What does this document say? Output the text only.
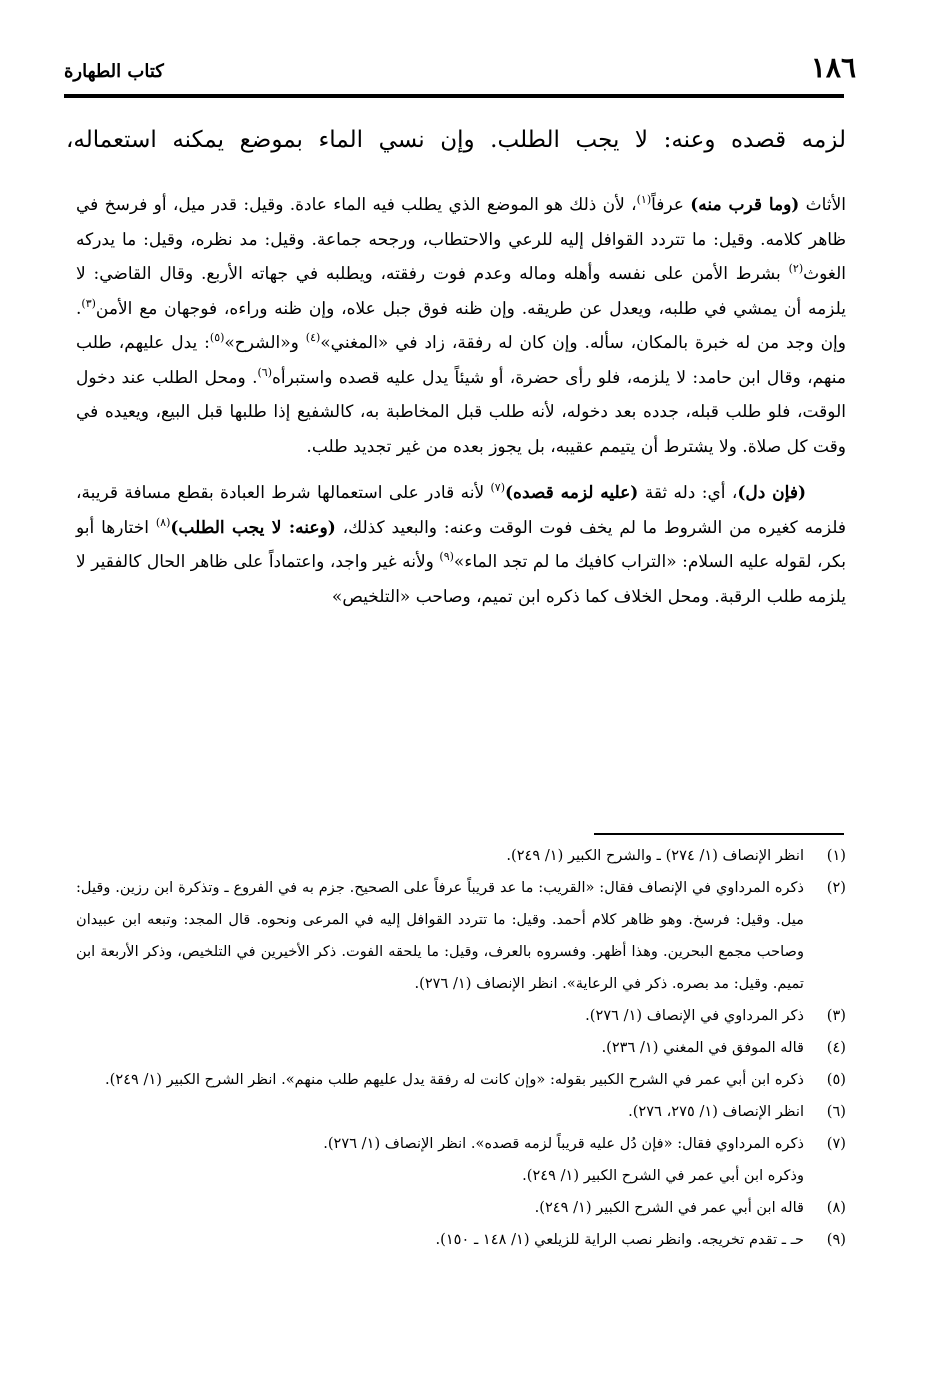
١٨٦
كتاب الطهارة
لزمه قصده وعنه: لا يجب الطلب. وإن نسي الماء بموضع يمكنه استعماله،

الأثاث (وما قرب منه) عرفاً$^{(١)}$، لأن ذلك هو الموضع الذي يطلب فيه الماء عادة. وقيل: قدر ميل، أو فرسخ في ظاهر كلامه. وقيل: ما تتردد القوافل إليه للرعي والاحتطاب، ورجحه جماعة. وقيل: مد نظره، وقيل: ما يدركه الغوث$^{(٢)}$ بشرط الأمن على نفسه وأهله وماله وعدم فوت رفقته، ويطلبه في جهاته الأربع. وقال القاضي: لا يلزمه أن يمشي في طلبه، ويعدل عن طريقه. وإن ظنه فوق جبل علاه، وإن ظنه وراءه، فوجهان مع الأمن$^{(٣)}$. وإن وجد من له خبرة بالمكان، سأله. وإن كان له رفقة، زاد في «المغني»$^{(٤)}$ و«الشرح»$^{(٥)}$: يدل عليهم، طلب منهم، وقال ابن حامد: لا يلزمه، فلو رأى حضرة، أو شيئاً يدل عليه قصده واستبرأه$^{(٦)}$. ومحل الطلب عند دخول الوقت، فلو طلب قبله، جدده بعد دخوله، لأنه طلب قبل المخاطبة به، كالشفيع إذا طلبها قبل البيع، ويعيده في وقت كل صلاة. ولا يشترط أن يتيمم عقيبه، بل يجوز بعده من غير تجديد طلب.

(فإن دل)، أي: دله ثقة (عليه لزمه قصده)$^{(٧)}$ لأنه قادر على استعمالها شرط العبادة بقطع مسافة قريبة، فلزمه كغيره من الشروط ما لم يخف فوت الوقت وعنه: والبعيد كذلك، (وعنه: لا يجب الطلب)$^{(٨)}$ اختارها أبو بكر، لقوله عليه السلام: «التراب كافيك ما لم تجد الماء»$^{(٩)}$ ولأنه غير واجد، واعتماداً على ظاهر الحال كالفقير لا يلزمه طلب الرقبة. ومحل الخلاف كما ذكره ابن تميم، وصاحب «التلخيص»

(١)
انظر الإنصاف (١/ ٢٧٤) ـ والشرح الكبير (١/ ٢٤٩).
(٢)
ذكره المرداوي في الإنصاف فقال: «القريب: ما عد قريباً عرفاً على الصحيح. جزم به في الفروع ـ وتذكرة ابن رزين. وقيل: ميل. وقيل: فرسخ. وهو ظاهر كلام أحمد. وقيل: ما تتردد القوافل إليه في المرعى ونحوه. قال المجد: وتبعه ابن عبيدان وصاحب مجمع البحرين. وهذا أظهر. وفسروه بالعرف، وقيل: ما يلحقه الفوت. ذكر الأخيرين في التلخيص، وذكر الأربعة ابن تميم. وقيل: مد بصره. ذكر في الرعاية». انظر الإنصاف (١/ ٢٧٦).
(٣)
ذكر المرداوي في الإنصاف (١/ ٢٧٦).
(٤)
قاله الموفق في المغني (١/ ٢٣٦).
(٥)
ذكره ابن أبي عمر في الشرح الكبير بقوله: «وإن كانت له رفقة يدل عليهم طلب منهم». انظر الشرح الكبير (١/ ٢٤٩).
(٦)
انظر الإنصاف (١/ ٢٧٥، ٢٧٦).
(٧)
ذكره المرداوي فقال: «فإن دُل عليه قريباً لزمه قصده». انظر الإنصاف (١/ ٢٧٦).
وذكره ابن أبي عمر في الشرح الكبير (١/ ٢٤٩).
(٨)
قاله ابن أبي عمر في الشرح الكبير (١/ ٢٤٩).
(٩)
حـ ـ تقدم تخريجه. وانظر نصب الراية للزيلعي (١/ ١٤٨ ـ ١٥٠).
